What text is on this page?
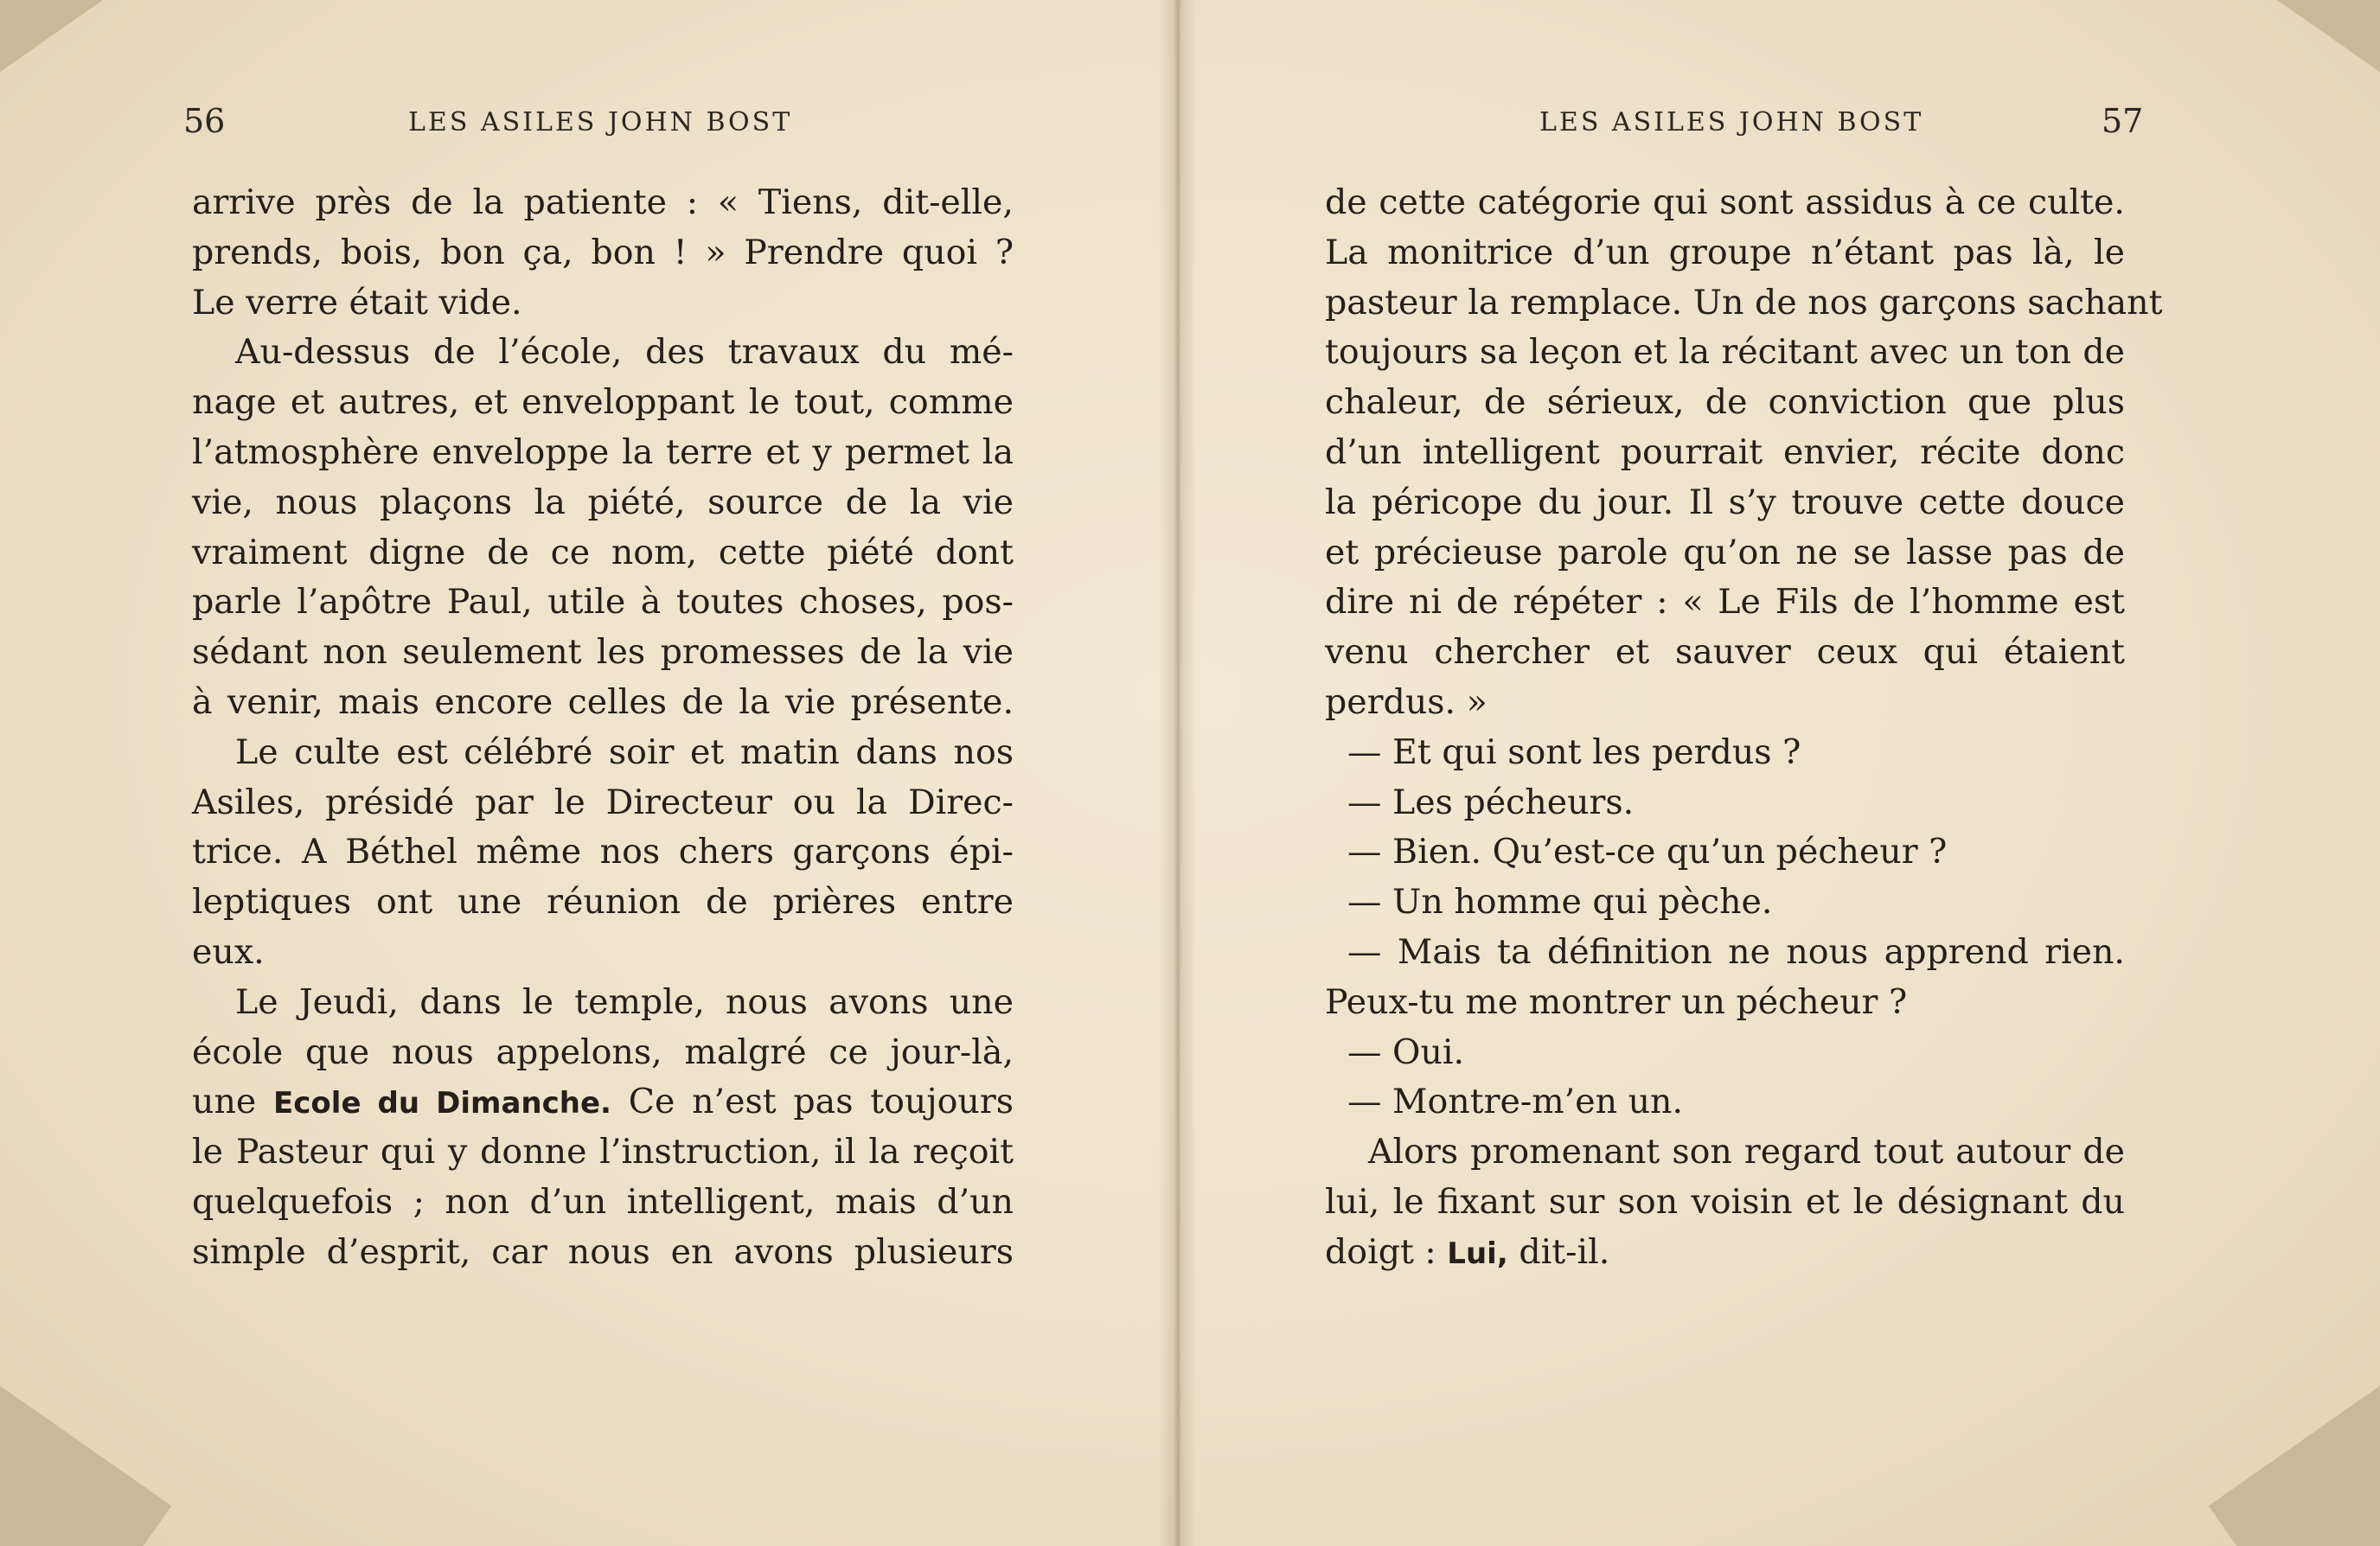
56	LES ASILES JOHN BOST
arrive près de la patiente : « Tiens, dit-elle,
prends, bois, bon ça, bon ! » Prendre quoi ?
Le verre était vide.
Au-dessus de l’école, des travaux du mé-
nage et autres, et enveloppant le tout, comme
l’atmosphère enveloppe la terre et y permet la
vie, nous plaçons la piété, source de la vie
vraiment digne de ce nom, cette piété dont
parle l’apôtre Paul, utile à toutes choses, pos-
sédant non seulement les promesses de la vie
à venir, mais encore celles de la vie présente.
Le culte est célébré soir et matin dans nos
Asiles, présidé par le Directeur ou la Direc-
trice. A Béthel même nos chers garçons épi-
leptiques ont une réunion de prières entre
eux.
Le Jeudi, dans le temple, nous avons une
école que nous appelons, malgré ce jour-là,
une Ecole du Dimanche. Ce n’est pas toujours
le Pasteur qui y donne l’instruction, il la reçoit
quelquefois ; non d’un intelligent, mais d’un
simple d’esprit, car nous en avons plusieurs
LES ASILES JOHN BOST	57
de cette catégorie qui sont assidus à ce culte.
La monitrice d’un groupe n’étant pas là, le
pasteur la remplace. Un de nos garçons sachant
toujours sa leçon et la récitant avec un ton de
chaleur, de sérieux, de conviction que plus
d’un intelligent pourrait envier, récite donc
la péricope du jour. Il s’y trouve cette douce
et précieuse parole qu’on ne se lasse pas de
dire ni de répéter : « Le Fils de l’homme est
venu chercher et sauver ceux qui étaient
perdus. »
— Et qui sont les perdus ?
— Les pécheurs.
— Bien. Qu’est-ce qu’un pécheur ?
— Un homme qui pèche.
— Mais ta définition ne nous apprend rien.
Peux-tu me montrer un pécheur ?
— Oui.
— Montre-m’en un.
Alors promenant son regard tout autour de
lui, le fixant sur son voisin et le désignant du
doigt : Lui, dit-il.
